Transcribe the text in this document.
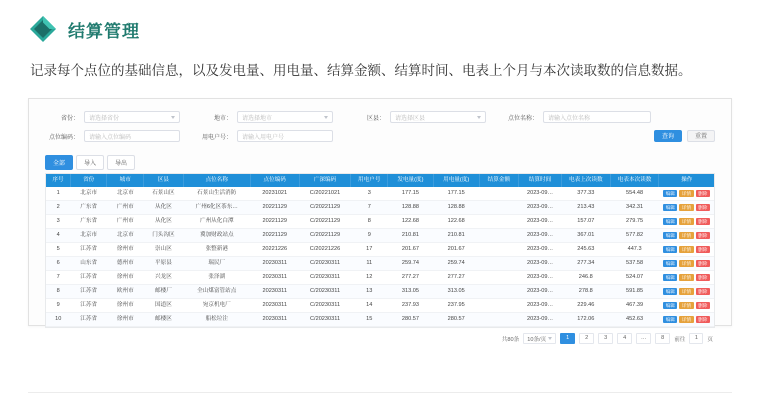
结算管理

记录每个点位的基础信息，以及发电量、用电量、结算金额、结算时间、电表上个月与本次读取数的信息数据。

省份： 请选择省份	地市： 请选择地市	区县： 请选择区县	点位名称： 请输入点位名称
点位编码： 请输入点位编码	用电户号： 请输入用电户号	查询	重置
全部	导入	导出
序号	省份	城市	区县	点位名称	点位编码	广深编码	用电户号	发电量(度)	用电量(度)	结算金额	结算时间	电表上次读数	电表本次读数	操作
1	北京市	北京市	石景山区	石景山生活消防	20231021	C/20221021	3	177.15	177.15		2023-09…	377.33	554.48	编辑 详情 删除

2	广东省	广州市	从化区	广州6化区茶东…	20221129	C/20221129	7	128.88	128.88		2023-09…	213.43	342.31	编辑 详情 删除

3	广东省	广州市	从化区	广州从化白潭	20221129	C/20221129	8	122.68	122.68		2023-09…	157.07	279.75	编辑 详情 删除

4	北京市	北京市	门头沟区	冀加财政站点	20221129	C/20221129	9	210.81	210.81		2023-09…	367.01	577.82	编辑 详情 删除

5	江苏省	徐州市	崇山区	张整新港	20221226	C/20221226	17	201.67	201.67		2023-09…	245.63	447.3	编辑 详情 删除

6	山东省	德州市	平原县	瑞民厂	20230311	C/20230311	11	259.74	259.74		2023-09…	277.34	537.58	编辑 详情 删除

7	江苏省	徐州市	兴龙区	张泽湖	20230311	C/20230311	12	277.27	277.27		2023-09…	246.8	524.07	编辑 详情 删除

8	江苏省	欧州市	邮楼厂	全山煤富管站点	20230311	C/20230311	13	313.05	313.05		2023-09…	278.8	591.85	编辑 详情 删除

9	江苏省	徐州市	国道区	宛京机电厂	20230311	C/20230311	14	237.93	237.95		2023-09…	229.46	467.39	编辑 详情 删除

10	江苏省	徐州市	邮楼区	船松垃注	20230311	C/20230311	15	280.57	280.57		2023-09…	172.06	452.63	编辑 详情 删除
共80条 10条/页	1	2	3	4	…	8	前往	1	页
